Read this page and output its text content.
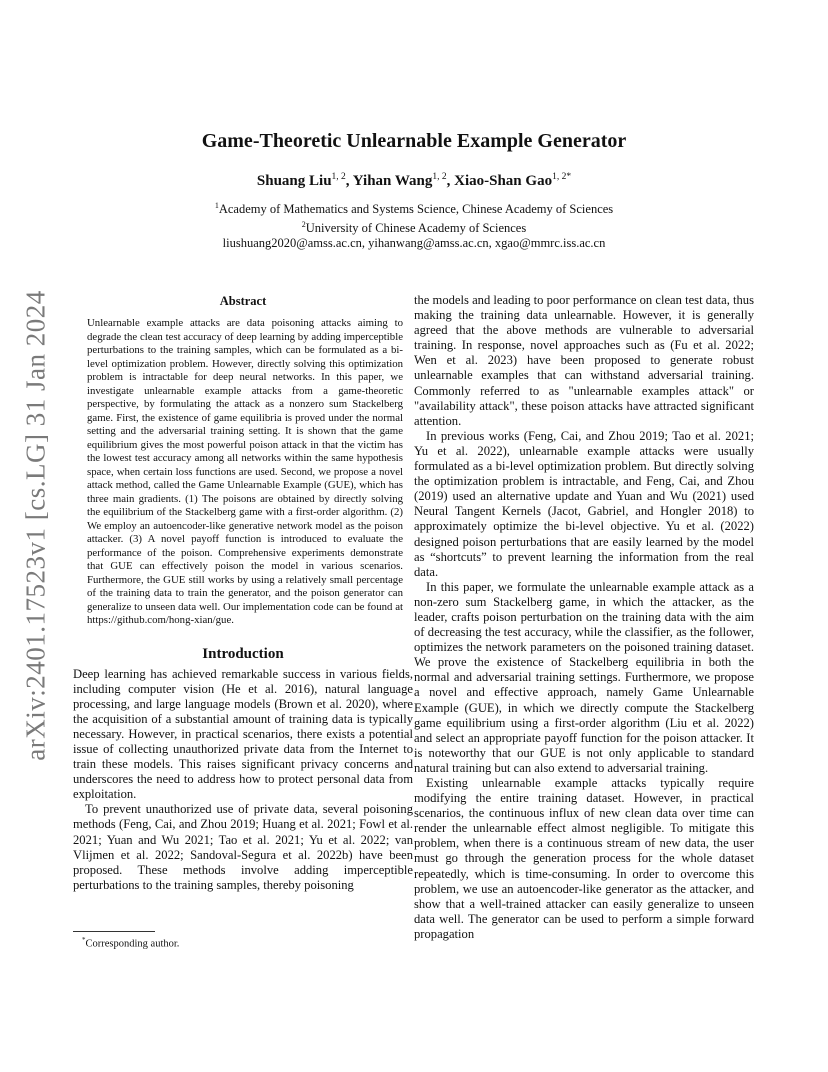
arXiv:2401.17523v1 [cs.LG] 31 Jan 2024
Game-Theoretic Unlearnable Example Generator
Shuang Liu$^{1, 2}$, Yihan Wang$^{1, 2}$, Xiao-Shan Gao$^{1, 2*}$
$^1$Academy of Mathematics and Systems Science, Chinese Academy of Sciences
$^2$University of Chinese Academy of Sciences
liushuang2020@amss.ac.cn, yihanwang@amss.ac.cn, xgao@mmrc.iss.ac.cn
Abstract

Unlearnable example attacks are data poisoning attacks aiming to degrade the clean test accuracy of deep learning by adding imperceptible perturbations to the training samples, which can be formulated as a bi-level optimization problem. However, directly solving this optimization problem is intractable for deep neural networks. In this paper, we investigate unlearnable example attacks from a game-theoretic perspective, by formulating the attack as a nonzero sum Stackelberg game. First, the existence of game equilibria is proved under the normal setting and the adversarial training setting. It is shown that the game equilibrium gives the most powerful poison attack in that the victim has the lowest test accuracy among all networks within the same hypothesis space, when certain loss functions are used. Second, we propose a novel attack method, called the Game Unlearnable Example (GUE), which has three main gradients. (1) The poisons are obtained by directly solving the equilibrium of the Stackelberg game with a first-order algorithm. (2) We employ an autoencoder-like generative network model as the poison attacker. (3) A novel payoff function is introduced to evaluate the performance of the poison. Comprehensive experiments demonstrate that GUE can effectively poison the model in various scenarios. Furthermore, the GUE still works by using a relatively small percentage of the training data to train the generator, and the poison generator can generalize to unseen data well. Our implementation code can be found at https://github.com/hong-xian/gue.

Introduction

Deep learning has achieved remarkable success in various fields, including computer vision (He et al. 2016), natural language processing, and large language models (Brown et al. 2020), where the acquisition of a substantial amount of training data is typically necessary. However, in practical scenarios, there exists a potential issue of collecting unauthorized private data from the Internet to train these models. This raises significant privacy concerns and underscores the need to address how to protect personal data from exploitation.

To prevent unauthorized use of private data, several poisoning methods (Feng, Cai, and Zhou 2019; Huang et al. 2021; Fowl et al. 2021; Yuan and Wu 2021; Tao et al. 2021; Yu et al. 2022; van Vlijmen et al. 2022; Sandoval-Segura et al. 2022b) have been proposed. These methods involve adding imperceptible perturbations to the training samples, thereby poisoning

the models and leading to poor performance on clean test data, thus making the training data unlearnable. However, it is generally agreed that the above methods are vulnerable to adversarial training. In response, novel approaches such as (Fu et al. 2022; Wen et al. 2023) have been proposed to generate robust unlearnable examples that can withstand adversarial training. Commonly referred to as "unlearnable examples attack" or "availability attack", these poison attacks have attracted significant attention.

In previous works (Feng, Cai, and Zhou 2019; Tao et al. 2021; Yu et al. 2022), unlearnable example attacks were usually formulated as a bi-level optimization problem. But directly solving the optimization problem is intractable, and Feng, Cai, and Zhou (2019) used an alternative update and Yuan and Wu (2021) used Neural Tangent Kernels (Jacot, Gabriel, and Hongler 2018) to approximately optimize the bi-level objective. Yu et al. (2022) designed poison perturbations that are easily learned by the model as “shortcuts” to prevent learning the information from the real data.

In this paper, we formulate the unlearnable example attack as a non-zero sum Stackelberg game, in which the attacker, as the leader, crafts poison perturbation on the training data with the aim of decreasing the test accuracy, while the classifier, as the follower, optimizes the network parameters on the poisoned training dataset. We prove the existence of Stackelberg equilibria in both the normal and adversarial training settings. Furthermore, we propose a novel and effective approach, namely Game Unlearnable Example (GUE), in which we directly compute the Stackelberg game equilibrium using a first-order algorithm (Liu et al. 2022) and select an appropriate payoff function for the poison attacker. It is noteworthy that our GUE is not only applicable to standard natural training but can also extend to adversarial training.

Existing unlearnable example attacks typically require modifying the entire training dataset. However, in practical scenarios, the continuous influx of new clean data over time can render the unlearnable effect almost negligible. To mitigate this problem, when there is a continuous stream of new data, the user must go through the generation process for the whole dataset repeatedly, which is time-consuming. In order to overcome this problem, we use an autoencoder-like generator as the attacker, and show that a well-trained attacker can easily generalize to unseen data well. The generator can be used to perform a simple forward propagation

*Corresponding author.
